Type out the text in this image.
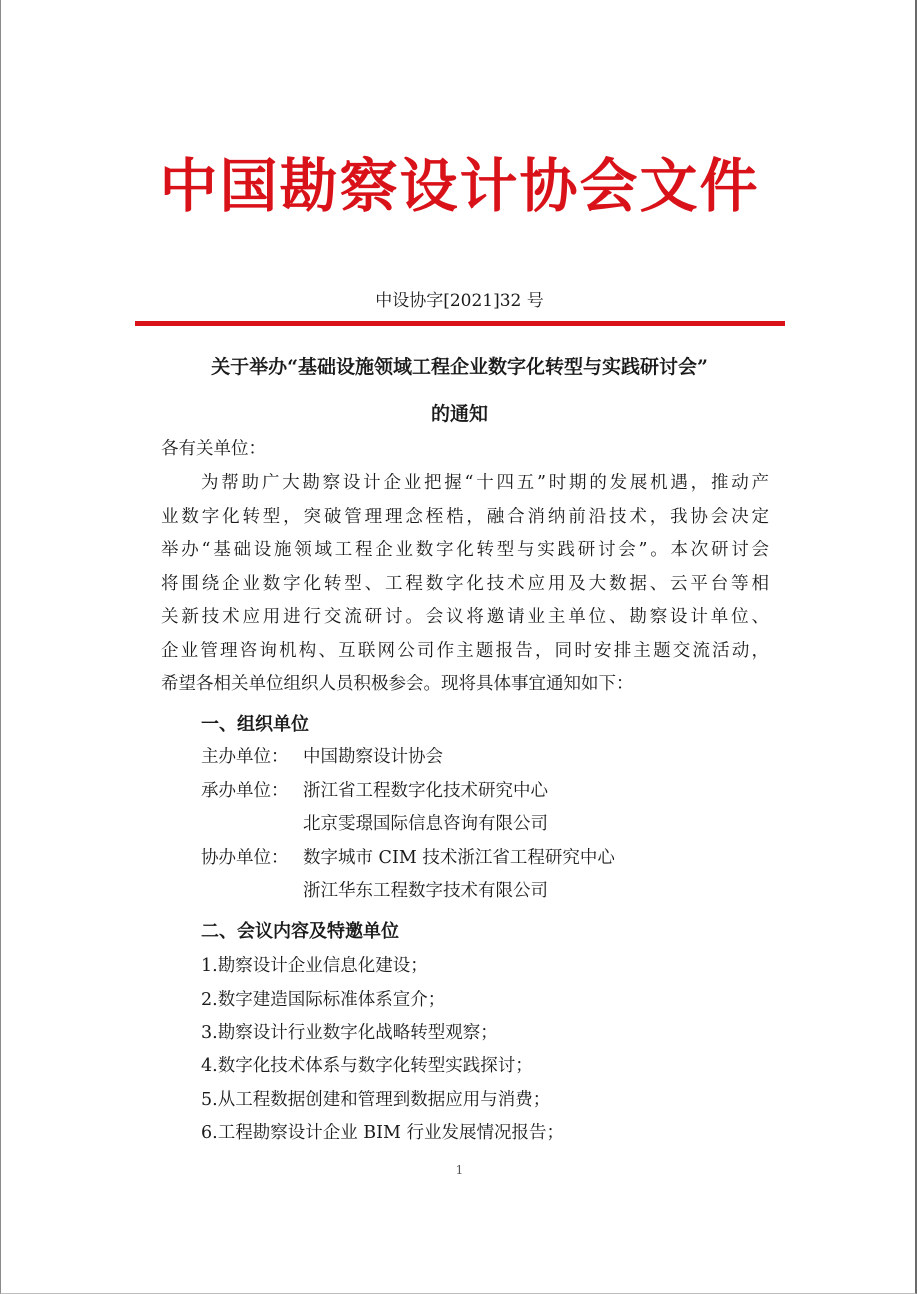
中国勘察设计协会文件
中设协字[2021]32 号
关于举办“基础设施领域工程企业数字化转型与实践研讨会”
的通知
各有关单位：
为帮助广大勘察设计企业把握“十四五”时期的发展机遇，推动产
业数字化转型，突破管理理念桎梏，融合消纳前沿技术，我协会决定
举办“基础设施领域工程企业数字化转型与实践研讨会”。本次研讨会
将围绕企业数字化转型、工程数字化技术应用及大数据、云平台等相
关新技术应用进行交流研讨。会议将邀请业主单位、勘察设计单位、
企业管理咨询机构、互联网公司作主题报告，同时安排主题交流活动，
希望各相关单位组织人员积极参会。现将具体事宜通知如下：
一、组织单位
主办单位： 中国勘察设计协会
承办单位： 浙江省工程数字化技术研究中心
北京雯璟国际信息咨询有限公司
协办单位： 数字城市 CIM 技术浙江省工程研究中心
浙江华东工程数字技术有限公司
二、会议内容及特邀单位
1.勘察设计企业信息化建设；
2.数字建造国际标准体系宣介；
3.勘察设计行业数字化战略转型观察；
4.数字化技术体系与数字化转型实践探讨；
5.从工程数据创建和管理到数据应用与消费；
6.工程勘察设计企业 BIM 行业发展情况报告；
1
